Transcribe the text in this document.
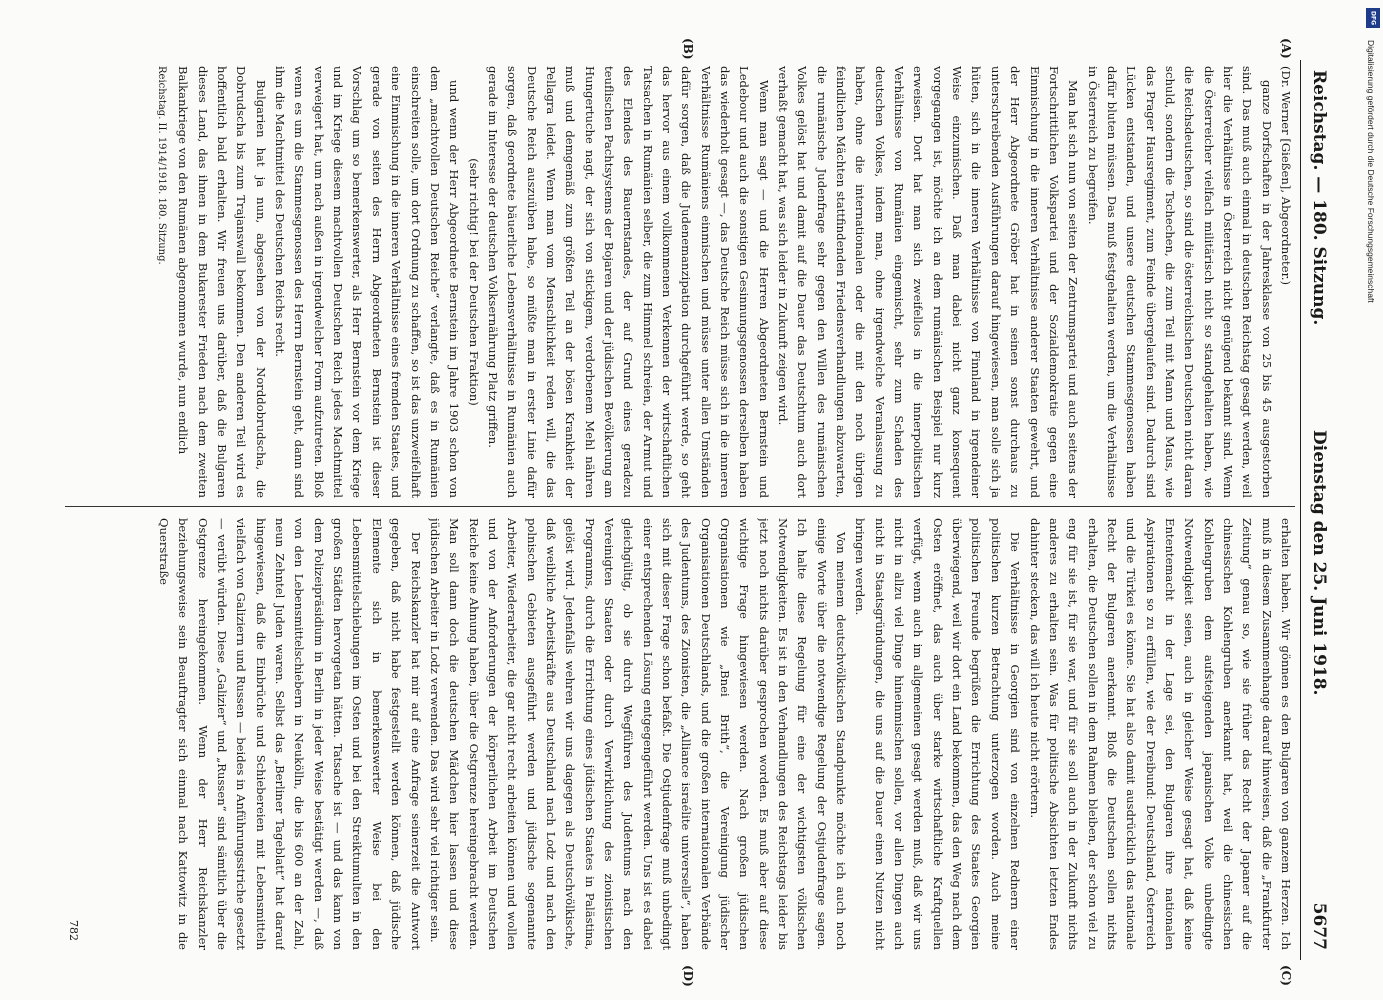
Reichstag. — 180. Sitzung.
Dienstag den 25. Juni 1918.
5677

(Dr. Werner [Gießen], Abgeordneter.)

ganze Dorfschaften in der Jahresklasse von 25 bis 45 ausgestorben sind. Das muß auch einmal in deutschen Reichstag gesagt werden, weil hier die Verhältnisse in Österreich nicht genügend bekannt sind. Wenn die Österreicher vielfach militärisch nicht so standgehalten haben, wie die Reichsdeutschen, so sind die österreichischen Deutschen nicht daran schuld, sondern die Tschechen, die zum Teil mit Mann und Maus, wie das Prager Hausregiment, zum Feinde übergelaufen sind. Dadurch sind Lücken entstanden, und unsere deutschen Stammesgenossen haben dafür bluten müssen. Das muß festgehalten werden, um die Verhältnisse in Österreich zu begreifen.

Man hat sich nun von seiten der Zentrumspartei und auch seitens der Fortschrittlichen Volkspartei und der Sozialdemokratie gegen eine Einmischung in die inneren Verhältnisse anderer Staaten gewehrt, und der Herr Abgeordnete Gröber hat in seinen sonst durchaus zu unterschreibenden Ausführungen darauf hingewiesen, man solle sich ja hüten, sich in die inneren Verhältnisse von Finnland in irgendeiner Weise einzumischen. Daß man dabei nicht ganz konsequent vorgegangen ist, möchte ich an dem rumänischen Beispiel nur kurz erweisen. Dort hat man sich zweifellos in die innerpolitischen Verhältnisse von Rumänien eingemischt, sehr zum Schaden des deutschen Volkes, indem man, ohne irgendwelche Veranlassung zu haben, ohne die internationalen oder die mit den noch übrigen feindlichen Mächten stattfindenden Friedensverhandlungen abzuwarten, die rumänische Judenfrage sehr gegen den Willen des rumänischen Volkes gelöst hat und damit auf die Dauer das Deutschtum auch dort verhaßt gemacht hat, was sich leider in Zukunft zeigen wird.

Wenn man sagt — und die Herren Abgeordneten Bernstein und Ledebour und auch die sonstigen Gesinnungsgenossen derselben haben das wiederholt gesagt —, das Deutsche Reich müsse sich in die inneren Verhältnisse Rumäniens einmischen und müsse unter allen Umständen dafür sorgen, daß die Judenemanzipation durchgeführt werde, so geht das hervor aus einem vollkommenen Verkennen der wirtschaftlichen Tatsachen in Rumänien selber, die zum Himmel schreien, der Armut und des Elendes des Bauernstandes, der auf Grund eines geradezu teuflischen Pachtsystems der Bojaren und der jüdischen Bevölkerung am Hungertuche nagt, der sich von stickigem, verdorbenem Mehl nähren muß und demgemäß zum größten Teil an der bösen Krankheit der Pellagra leidet. Wenn man vom Menschlichkeit reden will, die das Deutsche Reich auszuüben habe, so müßte man in erster Linie dafür sorgen, daß geordnete bäuerliche Lebensverhältnisse in Rumänien auch gerade im Interesse der deutschen Volksernährung Platz griffen.

(sehr richtig! bei der Deutschen Fraktion)

und wenn der Herr Abgeordnete Bernstein im Jahre 1903 schon von dem „machtvollen Deutschen Reiche“ verlangte, daß es in Rumänien einschreiten solle, um dort Ordnung zu schaffen, so ist das unzweifelhaft eine Einmischung in die inneren Verhältnisse eines fremden Staates, und gerade von seiten des Herrn Abgeordneten Bernstein ist dieser Vorschlag um so bemerkenswerter, als Herr Bernstein vor dem Kriege und im Kriege diesem machtvollen Deutschen Reich jedes Machtmittel verweigert hat, um nach außen in irgendwelcher Form aufzutreten. Bloß wenn es um die Stammesgenossen des Herrn Bernstein geht, dann sind ihm die Machtmittel des Deutschen Reichs recht.

Bulgarien hat ja nun, abgesehen von der Norddobrudscha, die Dobrudscha bis zum Trajanswall bekommen. Den anderen Teil wird es hoffentlich bald erhalten. Wir freuen uns darüber, daß die Bulgaren dieses Land, das ihnen in dem Bukarester Frieden nach dem zweiten Balkankriege von den Rumänen abgenommen wurde, nun endlich

Reichstag. II. 1914/1918. 180. Sitzung.

erhalten haben. Wir gönnen es den Bulgaren von ganzem Herzen. Ich muß in diesem Zusammenhange darauf hinweisen, daß die „Frankfurter Zeitung“ genau so, wie sie früher das Recht der Japaner auf die chinesischen Kohlengruben anerkannt hat, weil die chinesischen Kohlengruben dem aufsteigenden japanischen Volke unbedingte Notwendigkeit seien, auch in gleicher Weise gesagt hat, daß keine Ententemacht in der Lage sei, den Bulgaren ihre nationalen Aspirationen so zu erfüllen, wie der Dreibund: Deutschland, Österreich und die Türkei es könne. Sie hat also damit ausdrücklich das nationale Recht der Bulgaren anerkannt. Bloß die Deutschen sollen nichts erhalten, die Deutschen sollen in dem Rahmen bleiben, der schon viel zu eng für sie ist, für sie war, und für sie soll auch in der Zukunft nichts anderes zu erhalten sein. Was für politische Absichten letzten Endes dahinter stecken, das will ich heute nicht erörtern.

Die Verhältnisse in Georgien sind von einzelnen Rednern einer politischen kurzen Betrachtung unterzogen worden. Auch meine politischen Freunde begrüßen die Errichtung des Staates Georgien überwiegend, weil wir dort ein Land bekommen, das den Weg nach dem Osten eröffnet, das auch über starke wirtschaftliche Kraftquellen verfügt, wenn auch im allgemeinen gesagt werden muß, daß wir uns nicht in allzu viel Dinge hineinmischen sollen, vor allen Dingen auch nicht in Staatsgründungen, die uns auf die Dauer einen Nutzen nicht bringen werden.

Von meinem deutschvölkischen Standpunkte möchte ich auch noch einige Worte über die notwendige Regelung der Ostjudenfrage sagen. Ich halte diese Regelung für eine der wichtigsten völkischen Notwendigkeiten. Es ist in den Verhandlungen des Reichstags leider bis jetzt noch nichts darüber gesprochen worden. Es muß aber auf diese wichtige Frage hingewiesen werden. Nach großen jüdischen Organisationen wie „Bnei Brith“, die Vereinigung jüdischer Organisationen Deutschlands, und die großen internationalen Verbände des Judentums, des Zionisten, die „Alliance israélite universelle“, haben sich mit dieser Frage schon befaßt. Die Ostjudenfrage muß unbedingt einer entsprechenden Lösung entgegengeführt werden. Uns ist es dabei gleichgültig, ob sie durch Wegführen des Judentums nach den Vereinigten Staaten oder durch Verwirklichung des zionistischen Programms, durch die Errichtung eines jüdischen Staates in Palästina, gelöst wird. Jedenfalls wehren wir uns dagegen als Deutschvölkische, daß weibliche Arbeitskräfte aus Deutschland nach Lodz und nach den polnischen Gebieten ausgeführt werden und jüdische sogenannte Arbeiter, Wiederarbeiter, die gar nicht recht arbeiten können und wollen und von der Anforderungen der körperlichen Arbeit im Deutschen Reiche keine Ahnung haben, über die Ostgrenze hereingebracht werden. Man soll dann doch die deutschen Mädchen hier lassen und diese jüdischen Arbeiter in Lodz verwenden. Das wird sehr viel richtiger sein.

Der Reichskanzler hat mir auf eine Anfrage seinerzeit die Antwort gegeben, daß nicht habe festgestellt werden können, daß jüdische Elemente sich in bemerkenswerter Weise bei den Lebensmittelschiebungen im Osten und bei den Streiktumulten in den großen Städten hervorgetan hätten. Tatsache ist — und das kann von dem Polizeipräsidium in Berlin in jeder Weise bestätigt werden —, daß von den Lebensmittelschiebern in Neukölln, die bis 600 an der Zahl, neun Zehntel Juden waren. Selbst das „Berliner Tageblatt“ hat darauf hingewiesen, daß die Einbrüche und Schiebereien mit Lebensmitteln vielfach von Galiziern und Russen — beides in Anführungsstriche gesetzt — verübt würden. Diese „Galizier“ und „Russen“ sind sämtlich über die Ostgrenze hereingekommen. Wenn der Herr Reichskanzler beziehungsweise sein Beauftragter sich einmal nach Kattowitz in die Querstraße

(A)
(B)
(C)
(D)
782
DFG
Digitalisierung gefördert durch die Deutsche Forschungsgemeinschaft
